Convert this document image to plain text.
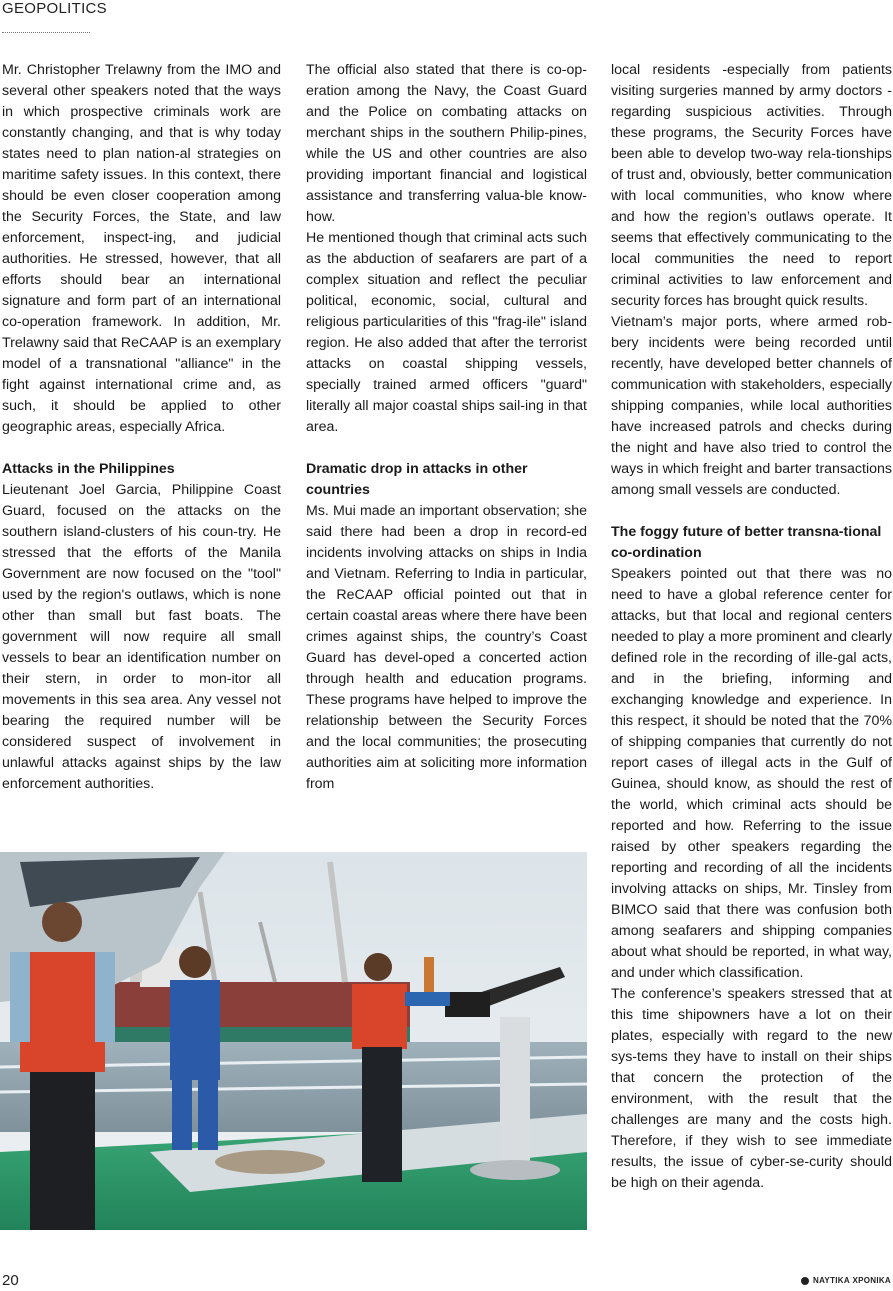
GEOPOLITICS

Mr. Christopher Trelawny from the IMO and several other speakers noted that the ways in which prospective criminals work are constantly changing, and that is why today states need to plan nation-al strategies on maritime safety issues. In this context, there should be even closer cooperation among the Security Forces, the State, and law enforcement, inspect-ing, and judicial authorities. He stressed, however, that all efforts should bear an international signature and form part of an international co-operation framework. In addition, Mr. Trelawny said that ReCAAP is an exemplary model of a transnational "alliance" in the fight against international crime and, as such, it should be applied to other geographic areas, especially Africa.

Attacks in the Philippines

Lieutenant Joel Garcia, Philippine Coast Guard, focused on the attacks on the southern island-clusters of his coun-try. He stressed that the efforts of the Manila Government are now focused on the "tool" used by the region's outlaws, which is none other than small but fast boats. The government will now require all small vessels to bear an identification number on their stern, in order to mon-itor all movements in this sea area. Any vessel not bearing the required number will be considered suspect of involvement in unlawful attacks against ships by the law enforcement authorities.

The official also stated that there is co-op-eration among the Navy, the Coast Guard and the Police on combating attacks on merchant ships in the southern Philip-pines, while the US and other countries are also providing important financial and logistical assistance and transferring valua-ble know-how.

He mentioned though that criminal acts such as the abduction of seafarers are part of a complex situation and reflect the peculiar political, economic, social, cultural and religious particularities of this "frag-ile" island region. He also added that after the terrorist attacks on coastal shipping vessels, specially trained armed officers "guard" literally all major coastal ships sail-ing in that area.

Dramatic drop in attacks in other countries

Ms. Mui made an important observation; she said there had been a drop in record-ed incidents involving attacks on ships in India and Vietnam. Referring to India in particular, the ReCAAP official pointed out that in certain coastal areas where there have been crimes against ships, the country’s Coast Guard has devel-oped a concerted action through health and education programs. These programs have helped to improve the relationship between the Security Forces and the local communities; the prosecuting authorities aim at soliciting more information from

local residents -especially from patients visiting surgeries manned by army doctors - regarding suspicious activities. Through these programs, the Security Forces have been able to develop two-way rela-tionships of trust and, obviously, better communication with local communities, who know where and how the region’s outlaws operate. It seems that effectively communicating to the local communities the need to report criminal activities to law enforcement and security forces has brought quick results.

Vietnam’s major ports, where armed rob-bery incidents were being recorded until recently, have developed better channels of communication with stakeholders, especially shipping companies, while local authorities have increased patrols and checks during the night and have also tried to control the ways in which freight and barter transactions among small vessels are conducted.

The foggy future of better transna-tional co-ordination

Speakers pointed out that there was no need to have a global reference center for attacks, but that local and regional centers needed to play a more prominent and clearly defined role in the recording of ille-gal acts, and in the briefing, informing and exchanging knowledge and experience. In this respect, it should be noted that the 70% of shipping companies that currently do not report cases of illegal acts in the Gulf of Guinea, should know, as should the rest of the world, which criminal acts should be reported and how. Referring to the issue raised by other speakers regarding the reporting and recording of all the incidents involving attacks on ships, Mr. Tinsley from BIMCO said that there was confusion both among seafarers and shipping companies about what should be reported, in what way, and under which classification.

The conference’s speakers stressed that at this time shipowners have a lot on their plates, especially with regard to the new sys-tems they have to install on their ships that concern the protection of the environment, with the result that the challenges are many and the costs high. Therefore, if they wish to see immediate results, the issue of cyber-se-curity should be high on their agenda.

20	ΝΑΥΤΙΚΑ ΧΡΟΝΙΚΑ
